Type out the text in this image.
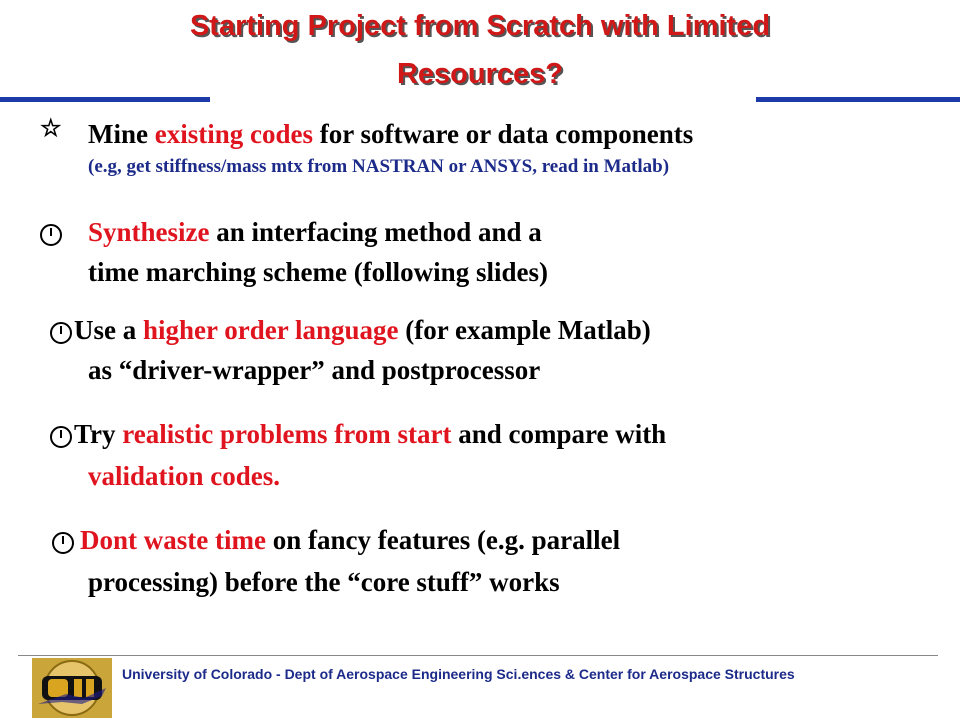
Starting Project from Scratch with Limited
Resources?
☆ Mine existing codes for software or data components
(e.g, get stiffness/mass mtx from NASTRAN or ANSYS, read in Matlab)
Synthesize an interfacing method and a
time marching scheme (following slides)
Use a higher order language (for example Matlab)
as “driver-wrapper” and postprocessor
Try realistic problems from start and compare with
validation codes.
Dont waste time on fancy features (e.g. parallel
processing) before the “core stuff” works
University of Colorado - Dept of Aerospace Engineering Sci.ences & Center for Aerospace Structures
